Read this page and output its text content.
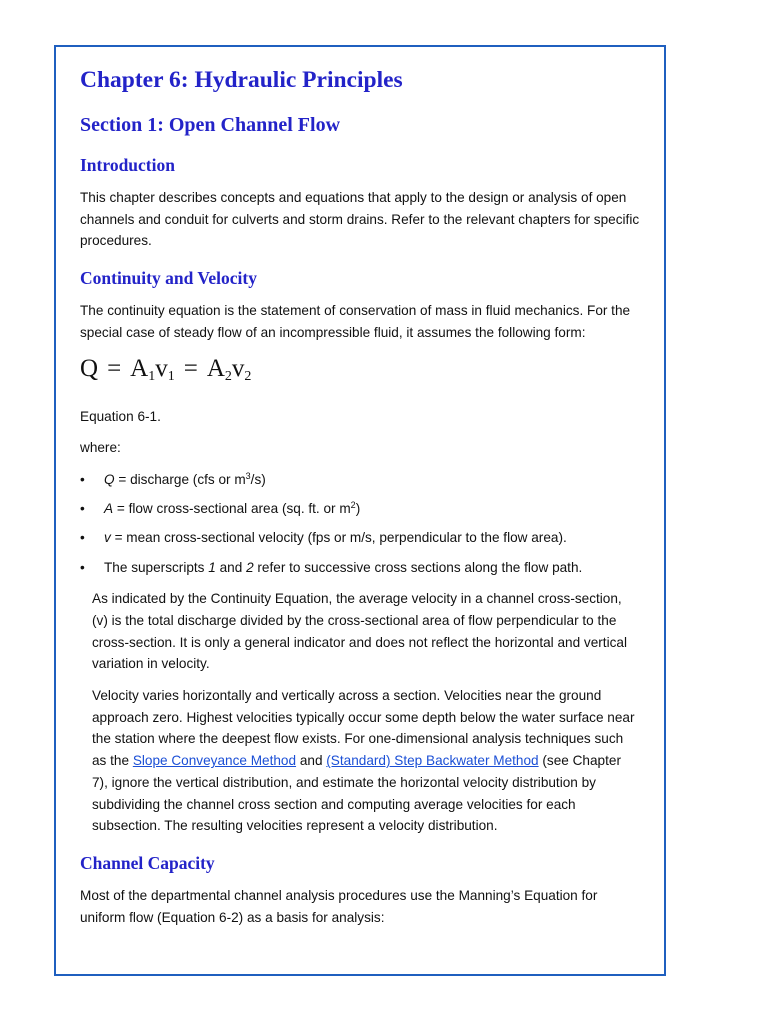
Chapter 6: Hydraulic Principles
Section 1: Open Channel Flow
Introduction

This chapter describes concepts and equations that apply to the design or analysis of open channels and conduit for culverts and storm drains. Refer to the relevant chapters for specific procedures.

Continuity and Velocity

The continuity equation is the statement of conservation of mass in fluid mechanics. For the special case of steady flow of an incompressible fluid, it assumes the following form:

$Q = A_1v_1 = A_2v_2$

Equation 6-1.

where:

• Q = discharge (cfs or $m^3/s$)
• A = flow cross-sectional area (sq. ft. or $m^2$)
• v = mean cross-sectional velocity (fps or m/s, perpendicular to the flow area).
• The superscripts 1 and 2 refer to successive cross sections along the flow path.

As indicated by the Continuity Equation, the average velocity in a channel cross-section, (v) is the total discharge divided by the cross-sectional area of flow perpendicular to the cross-section. It is only a general indicator and does not reflect the horizontal and vertical variation in velocity.

Velocity varies horizontally and vertically across a section. Velocities near the ground approach zero. Highest velocities typically occur some depth below the water surface near the station where the deepest flow exists. For one-dimensional analysis techniques such as the Slope Conveyance Method and (Standard) Step Backwater Method (see Chapter 7), ignore the vertical distribution, and estimate the horizontal velocity distribution by subdividing the channel cross section and computing average velocities for each subsection. The resulting velocities represent a velocity distribution.

Channel Capacity

Most of the departmental channel analysis procedures use the Manning’s Equation for uniform flow (Equation 6-2) as a basis for analysis:
